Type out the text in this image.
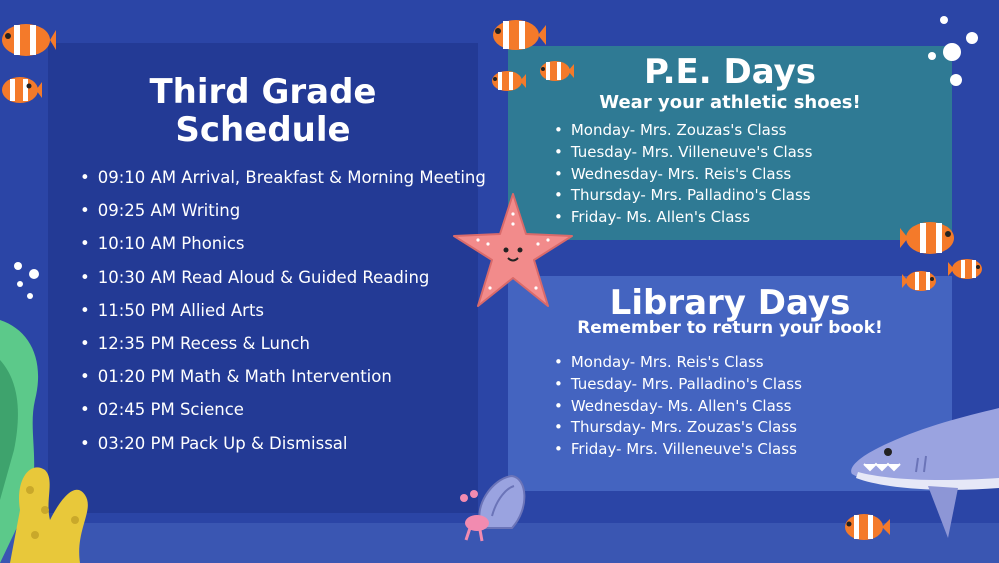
Third Grade
Schedule
• 09:10 AM Arrival, Breakfast & Morning Meeting
• 09:25 AM Writing
• 10:10 AM Phonics
• 10:30 AM Read Aloud & Guided Reading
• 11:50 PM Allied Arts
• 12:35 PM Recess & Lunch
• 01:20 PM Math & Math Intervention
• 02:45 PM Science
• 03:20 PM Pack Up & Dismissal
P.E. Days
Wear your athletic shoes!
• Monday- Mrs. Zouzas's Class
• Tuesday- Mrs. Villeneuve's Class
• Wednesday- Mrs. Reis's Class
• Thursday- Mrs. Palladino's Class
• Friday- Ms. Allen's Class
Library Days
Remember to return your book!
• Monday- Mrs. Reis's Class
• Tuesday- Mrs. Palladino's Class
• Wednesday- Ms. Allen's Class
• Thursday- Mrs. Zouzas's Class
• Friday- Mrs. Villeneuve's Class
